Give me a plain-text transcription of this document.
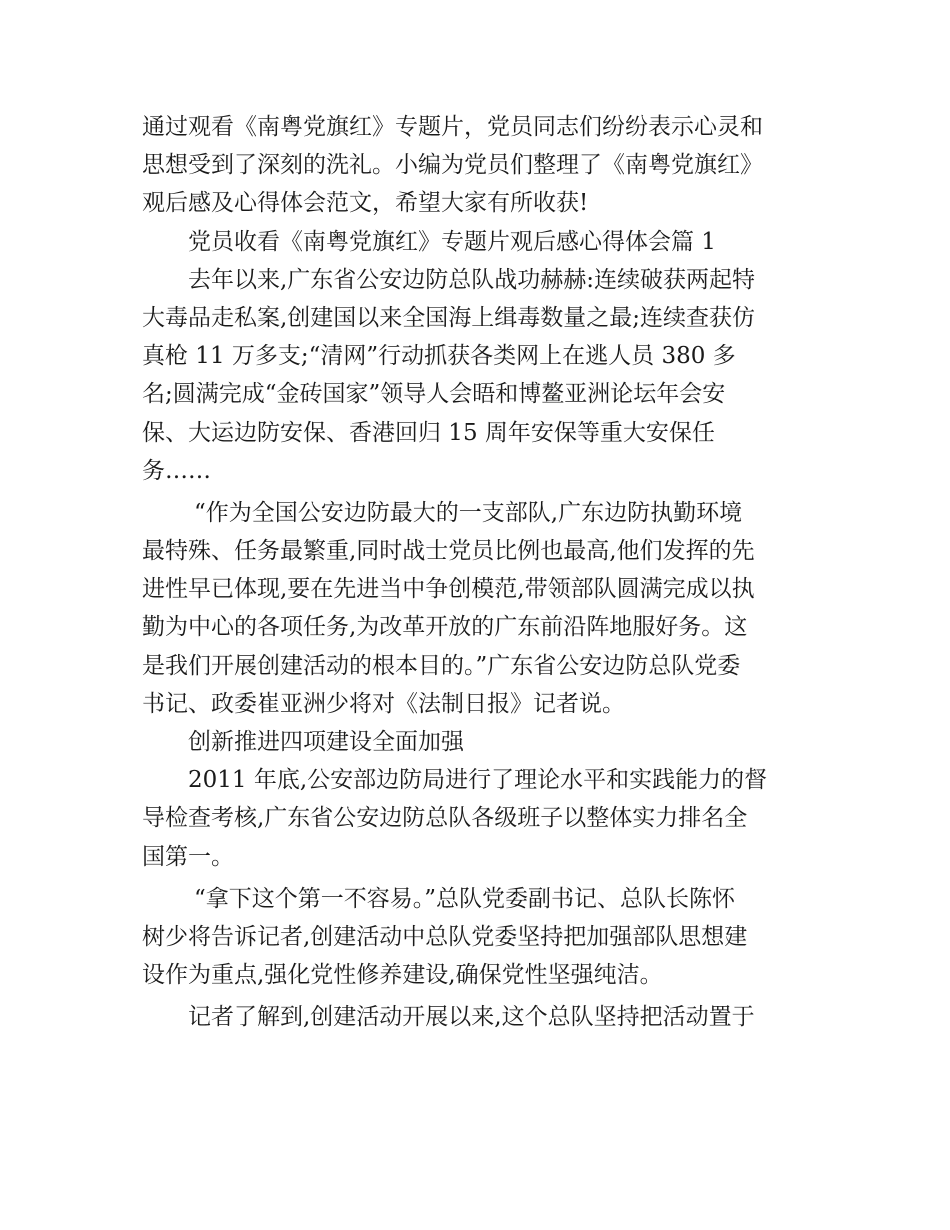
通过观看《南粤党旗红》专题片，党员同志们纷纷表示心灵和
思想受到了深刻的洗礼。小编为党员们整理了《南粤党旗红》
观后感及心得体会范文，希望大家有所收获!
党员收看《南粤党旗红》专题片观后感心得体会篇 1
去年以来,广东省公安边防总队战功赫赫:连续破获两起特
大毒品走私案,创建国以来全国海上缉毒数量之最;连续查获仿
真枪 11 万多支;“清网”行动抓获各类网上在逃人员 380 多
名;圆满完成“金砖国家”领导人会晤和博鳌亚洲论坛年会安
保、大运边防安保、香港回归 15 周年安保等重大安保任
务……
“作为全国公安边防最大的一支部队,广东边防执勤环境
最特殊、任务最繁重,同时战士党员比例也最高,他们发挥的先
进性早已体现,要在先进当中争创模范,带领部队圆满完成以执
勤为中心的各项任务,为改革开放的广东前沿阵地服好务。这
是我们开展创建活动的根本目的。”广东省公安边防总队党委
书记、政委崔亚洲少将对《法制日报》记者说。
创新推进四项建设全面加强
2011 年底,公安部边防局进行了理论水平和实践能力的督
导检查考核,广东省公安边防总队各级班子以整体实力排名全
国第一。
“拿下这个第一不容易。”总队党委副书记、总队长陈怀
树少将告诉记者,创建活动中总队党委坚持把加强部队思想建
设作为重点,强化党性修养建设,确保党性坚强纯洁。
记者了解到,创建活动开展以来,这个总队坚持把活动置于
